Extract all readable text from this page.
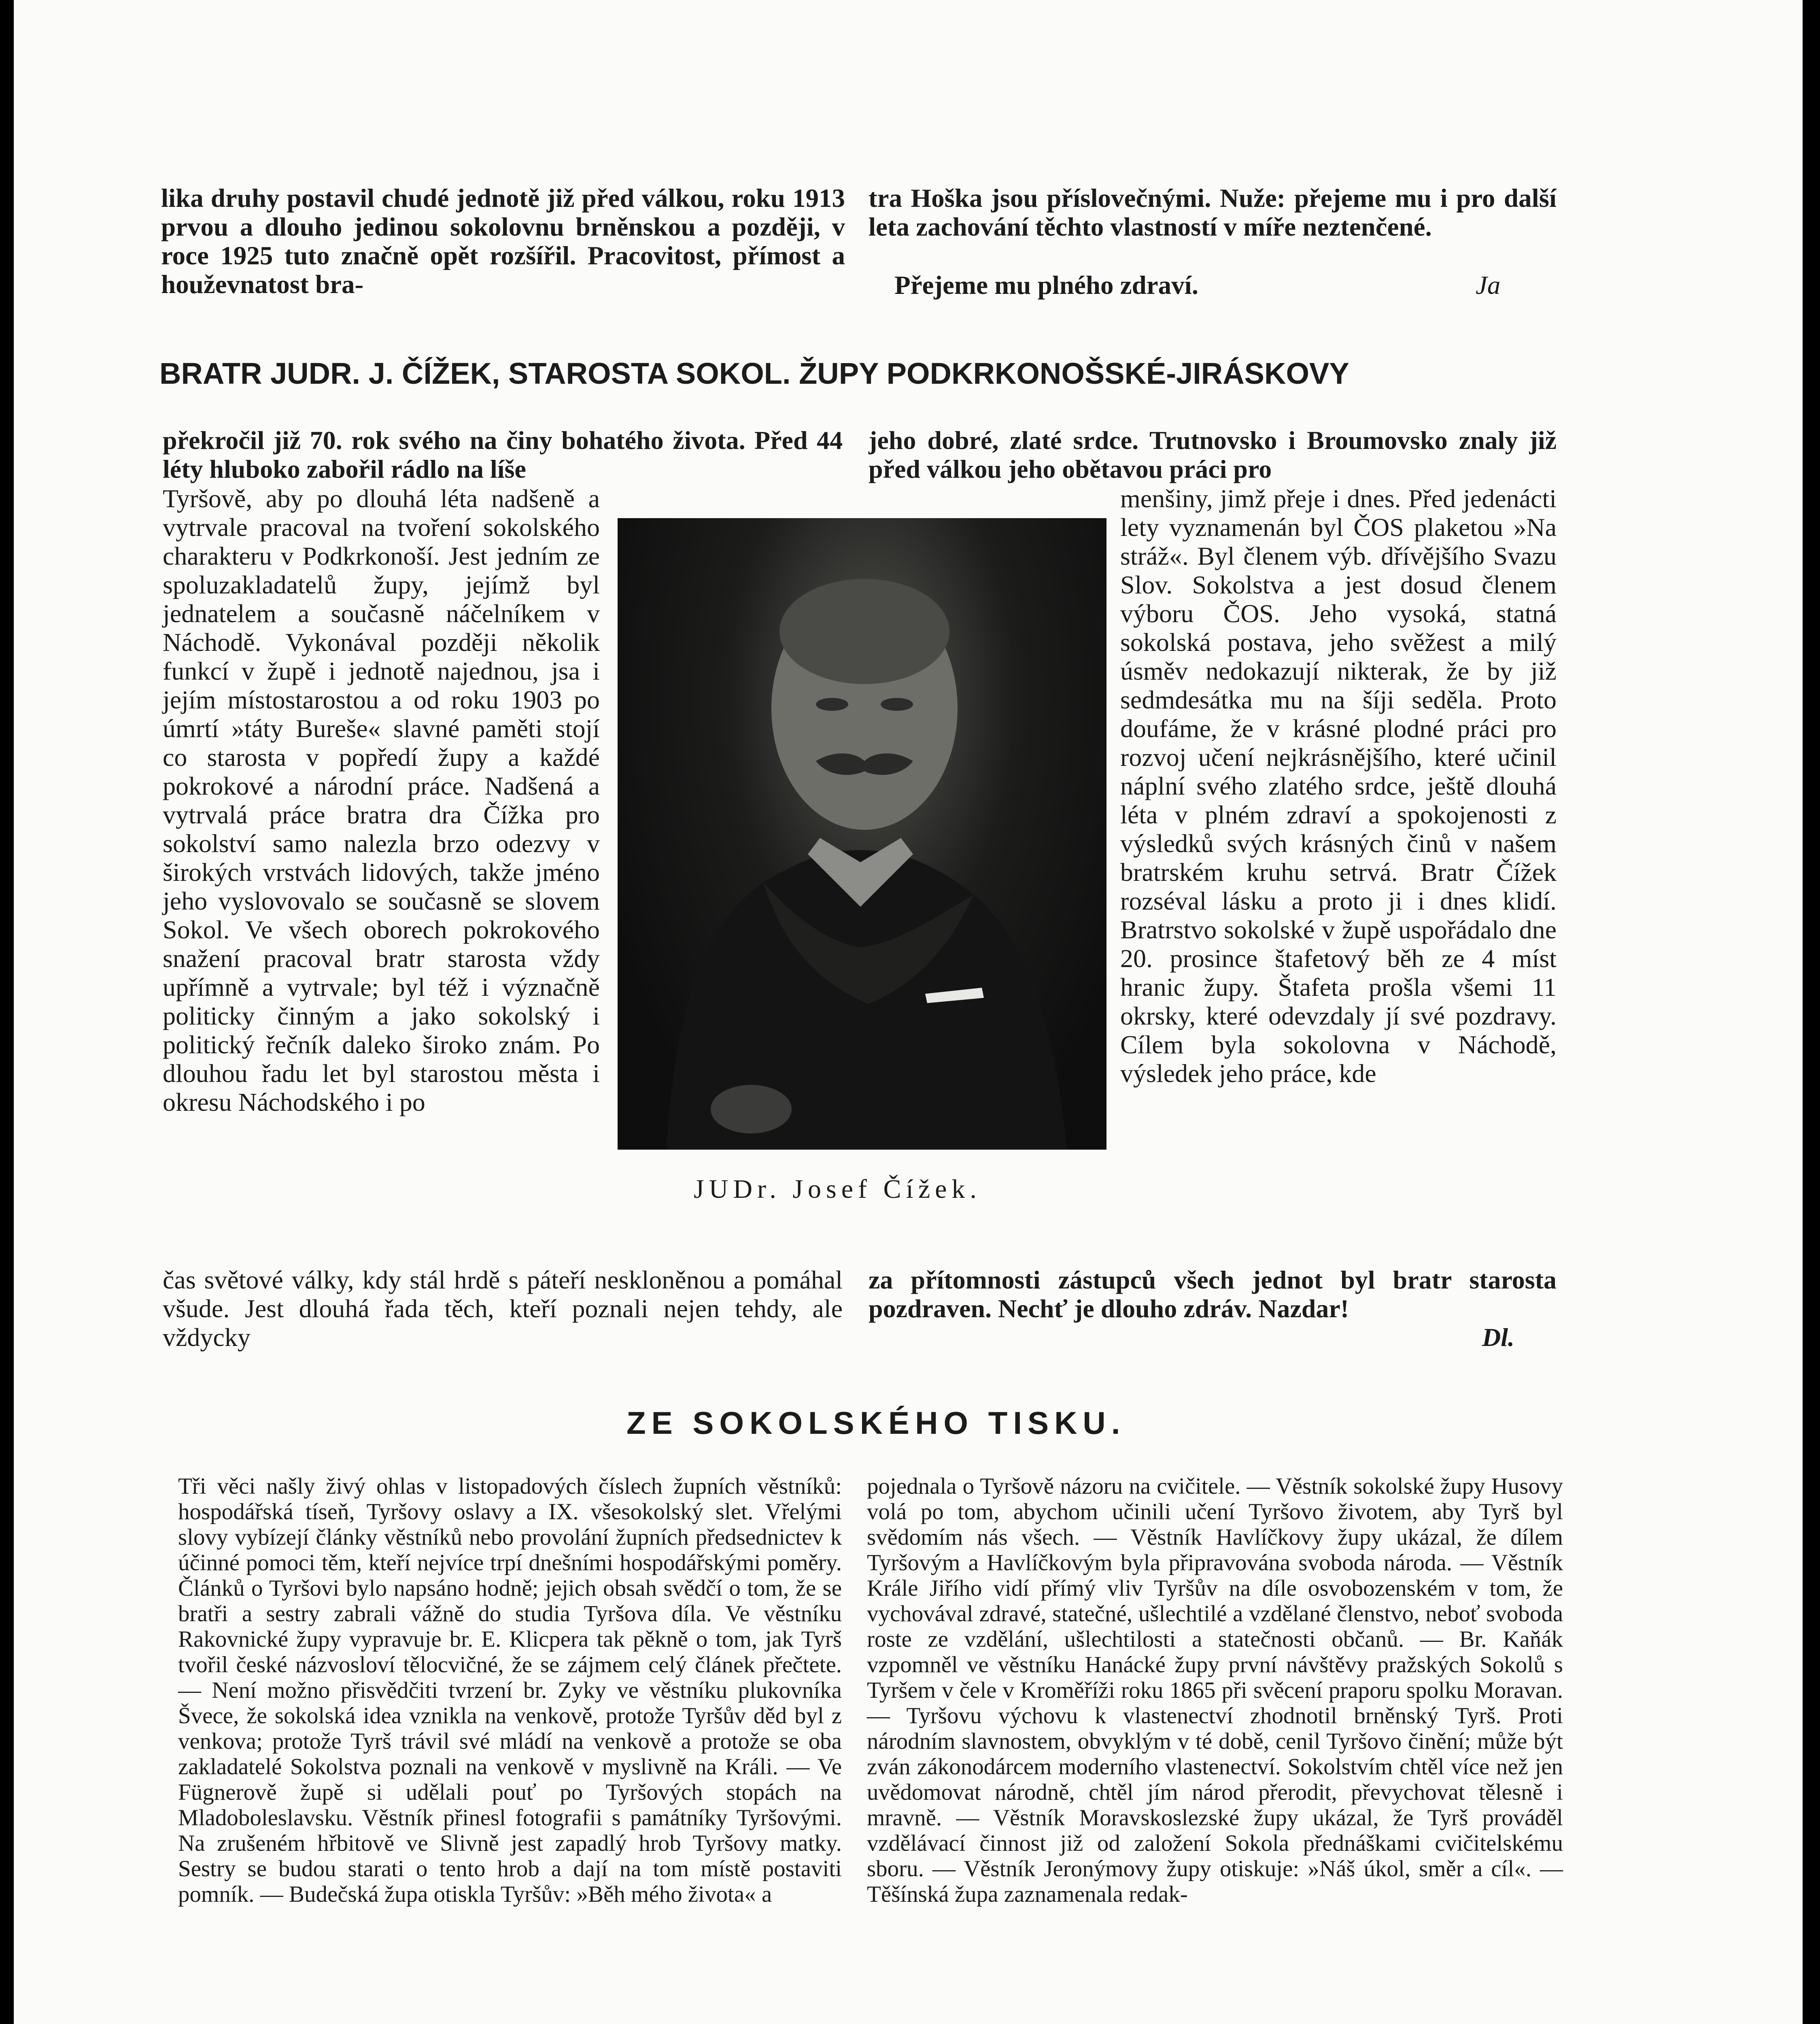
lika druhy postavil chudé jednotě již před válkou, roku 1913 prvou a dlouho jedinou sokolovnu brněnskou a později, v roce 1925 tuto značně opět rozšířil. Pracovitost, přímost a houževnatost bra-

tra Hoška jsou příslovečnými. Nuže: přejeme mu i pro další leta zachování těchto vlastností v míře neztenčené.

Přejeme mu plného zdraví.	Ja

BRATR JUDR. J. ČÍŽEK, STAROSTA SOKOL. ŽUPY PODKRKONOŠSKÉ-JIRÁSKOVY

překročil již 70. rok svého na činy bohatého života. Před 44 léty hluboko zabořil rádlo na líše

Tyršově, aby po dlouhá léta nadšeně a vytrvale pracoval na tvoření sokolského charakteru v Podkrkonoší. Jest jedním ze spoluzakladatelů župy, jejímž byl jednatelem a současně náčelníkem v Náchodě. Vykonával později několik funkcí v župě i jednotě najednou, jsa i jejím místostarostou a od roku 1903 po úmrtí »táty Bureše« slavné paměti stojí co starosta v popředí župy a každé pokrokové a národní práce. Nadšená a vytrvalá práce bratra dra Čížka pro sokolství samo nalezla brzo odezvy v širokých vrstvách lidových, takže jméno jeho vyslovovalo se současně se slovem Sokol. Ve všech oborech pokrokového snažení pracoval bratr starosta vždy upřímně a vytrvale; byl též i význačně politicky činným a jako sokolský i politický řečník daleko široko znám. Po dlouhou řadu let byl starostou města i okresu Náchodského i po

čas světové války, kdy stál hrdě s páteří neskloněnou a pomáhal všude. Jest dlouhá řada těch, kteří poznali nejen tehdy, ale vždycky

JUDr. Josef Čížek.

jeho dobré, zlaté srdce. Trutnovsko i Broumovsko znaly již před válkou jeho obětavou práci pro

menšiny, jimž přeje i dnes. Před jedenácti lety vyznamenán byl ČOS plaketou »Na stráž«. Byl členem výb. dřívějšího Svazu Slov. Sokolstva a jest dosud členem výboru ČOS. Jeho vysoká, statná sokolská postava, jeho svěžest a milý úsměv nedokazují nikterak, že by již sedmdesátka mu na šíji seděla. Proto doufáme, že v krásné plodné práci pro rozvoj učení nejkrásnějšího, které učinil náplní svého zlatého srdce, ještě dlouhá léta v plném zdraví a spokojenosti z výsledků svých krásných činů v našem bratrském kruhu setrvá. Bratr Čížek rozséval lásku a proto ji i dnes klidí. Bratrstvo sokolské v župě uspořádalo dne 20. prosince štafetový běh ze 4 míst hranic župy. Štafeta prošla všemi 11 okrsky, které odevzdaly jí své pozdravy. Cílem byla sokolovna v Náchodě, výsledek jeho práce, kde

za přítomnosti zástupců všech jednot byl bratr starosta pozdraven. Nechť je dlouho zdráv. Nazdar!

Dl.

ZE SOKOLSKÉHO TISKU.

Tři věci našly živý ohlas v listopadových číslech župních věstníků: hospodářská tíseň, Tyršovy oslavy a IX. všesokolský slet. Vřelými slovy vybízejí články věstníků nebo provolání župních předsednictev k účinné pomoci těm, kteří nejvíce trpí dnešními hospodářskými poměry. Článků o Tyršovi bylo napsáno hodně; jejich obsah svědčí o tom, že se bratři a sestry zabrali vážně do studia Tyršova díla. Ve věstníku Rakovnické župy vypravuje br. E. Klicpera tak pěkně o tom, jak Tyrš tvořil české názvosloví tělocvičné, že se zájmem celý článek přečtete. — Není možno přisvědčiti tvrzení br. Zyky ve věstníku plukovníka Švece, že sokolská idea vznikla na venkově, protože Tyršův děd byl z venkova; protože Tyrš trávil své mládí na venkově a protože se oba zakladatelé Sokolstva poznali na venkově v myslivně na Králi. — Ve Fügnerově župě si udělali pouť po Tyršových stopách na Mladoboleslavsku. Věstník přinesl fotografii s památníky Tyršovými. Na zrušeném hřbitově ve Slivně jest zapadlý hrob Tyršovy matky. Sestry se budou starati o tento hrob a dají na tom místě postaviti pomník. — Budečská župa otiskla Tyršův: »Běh mého života« a

pojednala o Tyršově názoru na cvičitele. — Věstník sokolské župy Husovy volá po tom, abychom učinili učení Tyršovo životem, aby Tyrš byl svědomím nás všech. — Věstník Havlíčkovy župy ukázal, že dílem Tyršovým a Havlíčkovým byla připravována svoboda národa. — Věstník Krále Jiřího vidí přímý vliv Tyršův na díle osvobozenském v tom, že vychovával zdravé, statečné, ušlechtilé a vzdělané členstvo, neboť svoboda roste ze vzdělání, ušlechtilosti a statečnosti občanů. — Br. Kaňák vzpomněl ve věstníku Hanácké župy první návštěvy pražských Sokolů s Tyršem v čele v Kroměříži roku 1865 při svěcení praporu spolku Moravan. — Tyršovu výchovu k vlastenectví zhodnotil brněnský Tyrš. Proti národním slavnostem, obvyklým v té době, cenil Tyršovo činění; může být zván zákonodárcem moderního vlastenectví. Sokolstvím chtěl více než jen uvědomovat národně, chtěl jím národ přerodit, převychovat tělesně i mravně. — Věstník Moravskoslezské župy ukázal, že Tyrš prováděl vzdělávací činnost již od založení Sokola přednáškami cvičitelskému sboru. — Věstník Jeronýmovy župy otiskuje: »Náš úkol, směr a cíl«. — Těšínská župa zaznamenala redak-
